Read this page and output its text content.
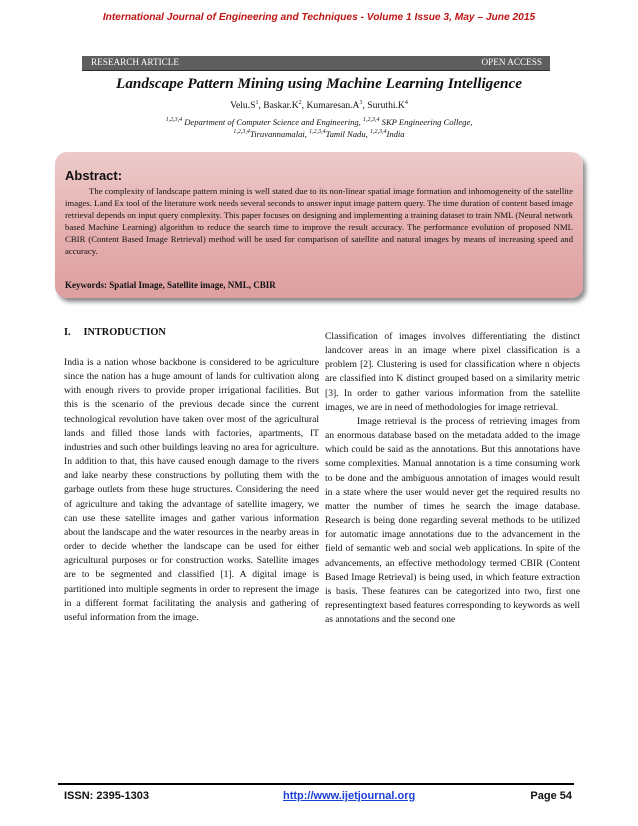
International Journal of Engineering and Techniques - Volume 1 Issue 3, May – June 2015
RESEARCH ARTICLE	OPEN ACCESS
Landscape Pattern Mining using Machine Learning Intelligence
$Velu.S^1$, $Baskar.K^2$, $Kumaresan.A^3$, $Suruthi.K^4$
$^{1,2,3,4}$ Department of Computer Science and Engineering, $^{1,2,3,4}$ SKP Engineering College,
$^{1,2,3,4}$Tiruvannamalai, $^{1,2,3,4}$Tamil Nadu, $^{1,2,3,4}$India
Abstract:
The complexity of landscape pattern mining is well stated due to its non-linear spatial image formation and inhomogeneity of the satellite images. Land Ex tool of the literature work needs several seconds to answer input image pattern query. The time duration of content based image retrieval depends on input query complexity. This paper focuses on designing and implementing a training dataset to train NML (Neural network based Machine Learning) algorithm to reduce the search time to improve the result accuracy. The performance evolution of proposed NML CBIR (Content Based Image Retrieval) method will be used for comparison of satellite and natural images by means of increasing speed and accuracy.
Keywords: Spatial Image, Satellite image, NML, CBIR
I.     INTRODUCTION

India is a nation whose backbone is considered to be agriculture since the nation has a huge amount of lands for cultivation along with enough rivers to provide proper irrigational facilities. But this is the scenario of the previous decade since the current technological revolution have taken over most of the agricultural lands and filled those lands with factories, apartments, IT industries and such other buildings leaving no area for agriculture. In addition to that, this have caused enough damage to the rivers and lake nearby these constructions by polluting them with the garbage outlets from these huge structures. Considering the need of agriculture and taking the advantage of satellite imagery, we can use these satellite images and gather various information about the landscape and the water resources in the nearby areas in order to decide whether the landscape can be used for either agricultural purposes or for construction works. Satellite images are to be segmented and classified [1]. A digital image is partitioned into multiple segments in order to represent the image in a different format facilitating the analysis and gathering of useful information from the image.

Classification of images involves differentiating the distinct landcover areas in an image where pixel classification is a problem [2]. Clustering is used for classification where n objects are classified into K distinct grouped based on a similarity metric [3]. In order to gather various information from the satellite images, we are in need of methodologies for image retrieval.

Image retrieval is the process of retrieving images from an enormous database based on the metadata added to the image which could be said as the annotations. But this annotations have some complexities. Manual annotation is a time consuming work to be done and the ambiguous annotation of images would result in a state where the user would never get the required results no matter the number of times he search the image database. Research is being done regarding several methods to be utilized for automatic image annotations due to the advancement in the field of semantic web and social web applications. In spite of the advancements, an effective methodology termed CBIR (Content Based Image Retrieval) is being used, in which feature extraction is basis. These features can be categorized into two, first one representingtext based features corresponding to keywords as well as annotations and the second one

ISSN: 2395-1303	http://www.ijetjournal.org	Page 54
